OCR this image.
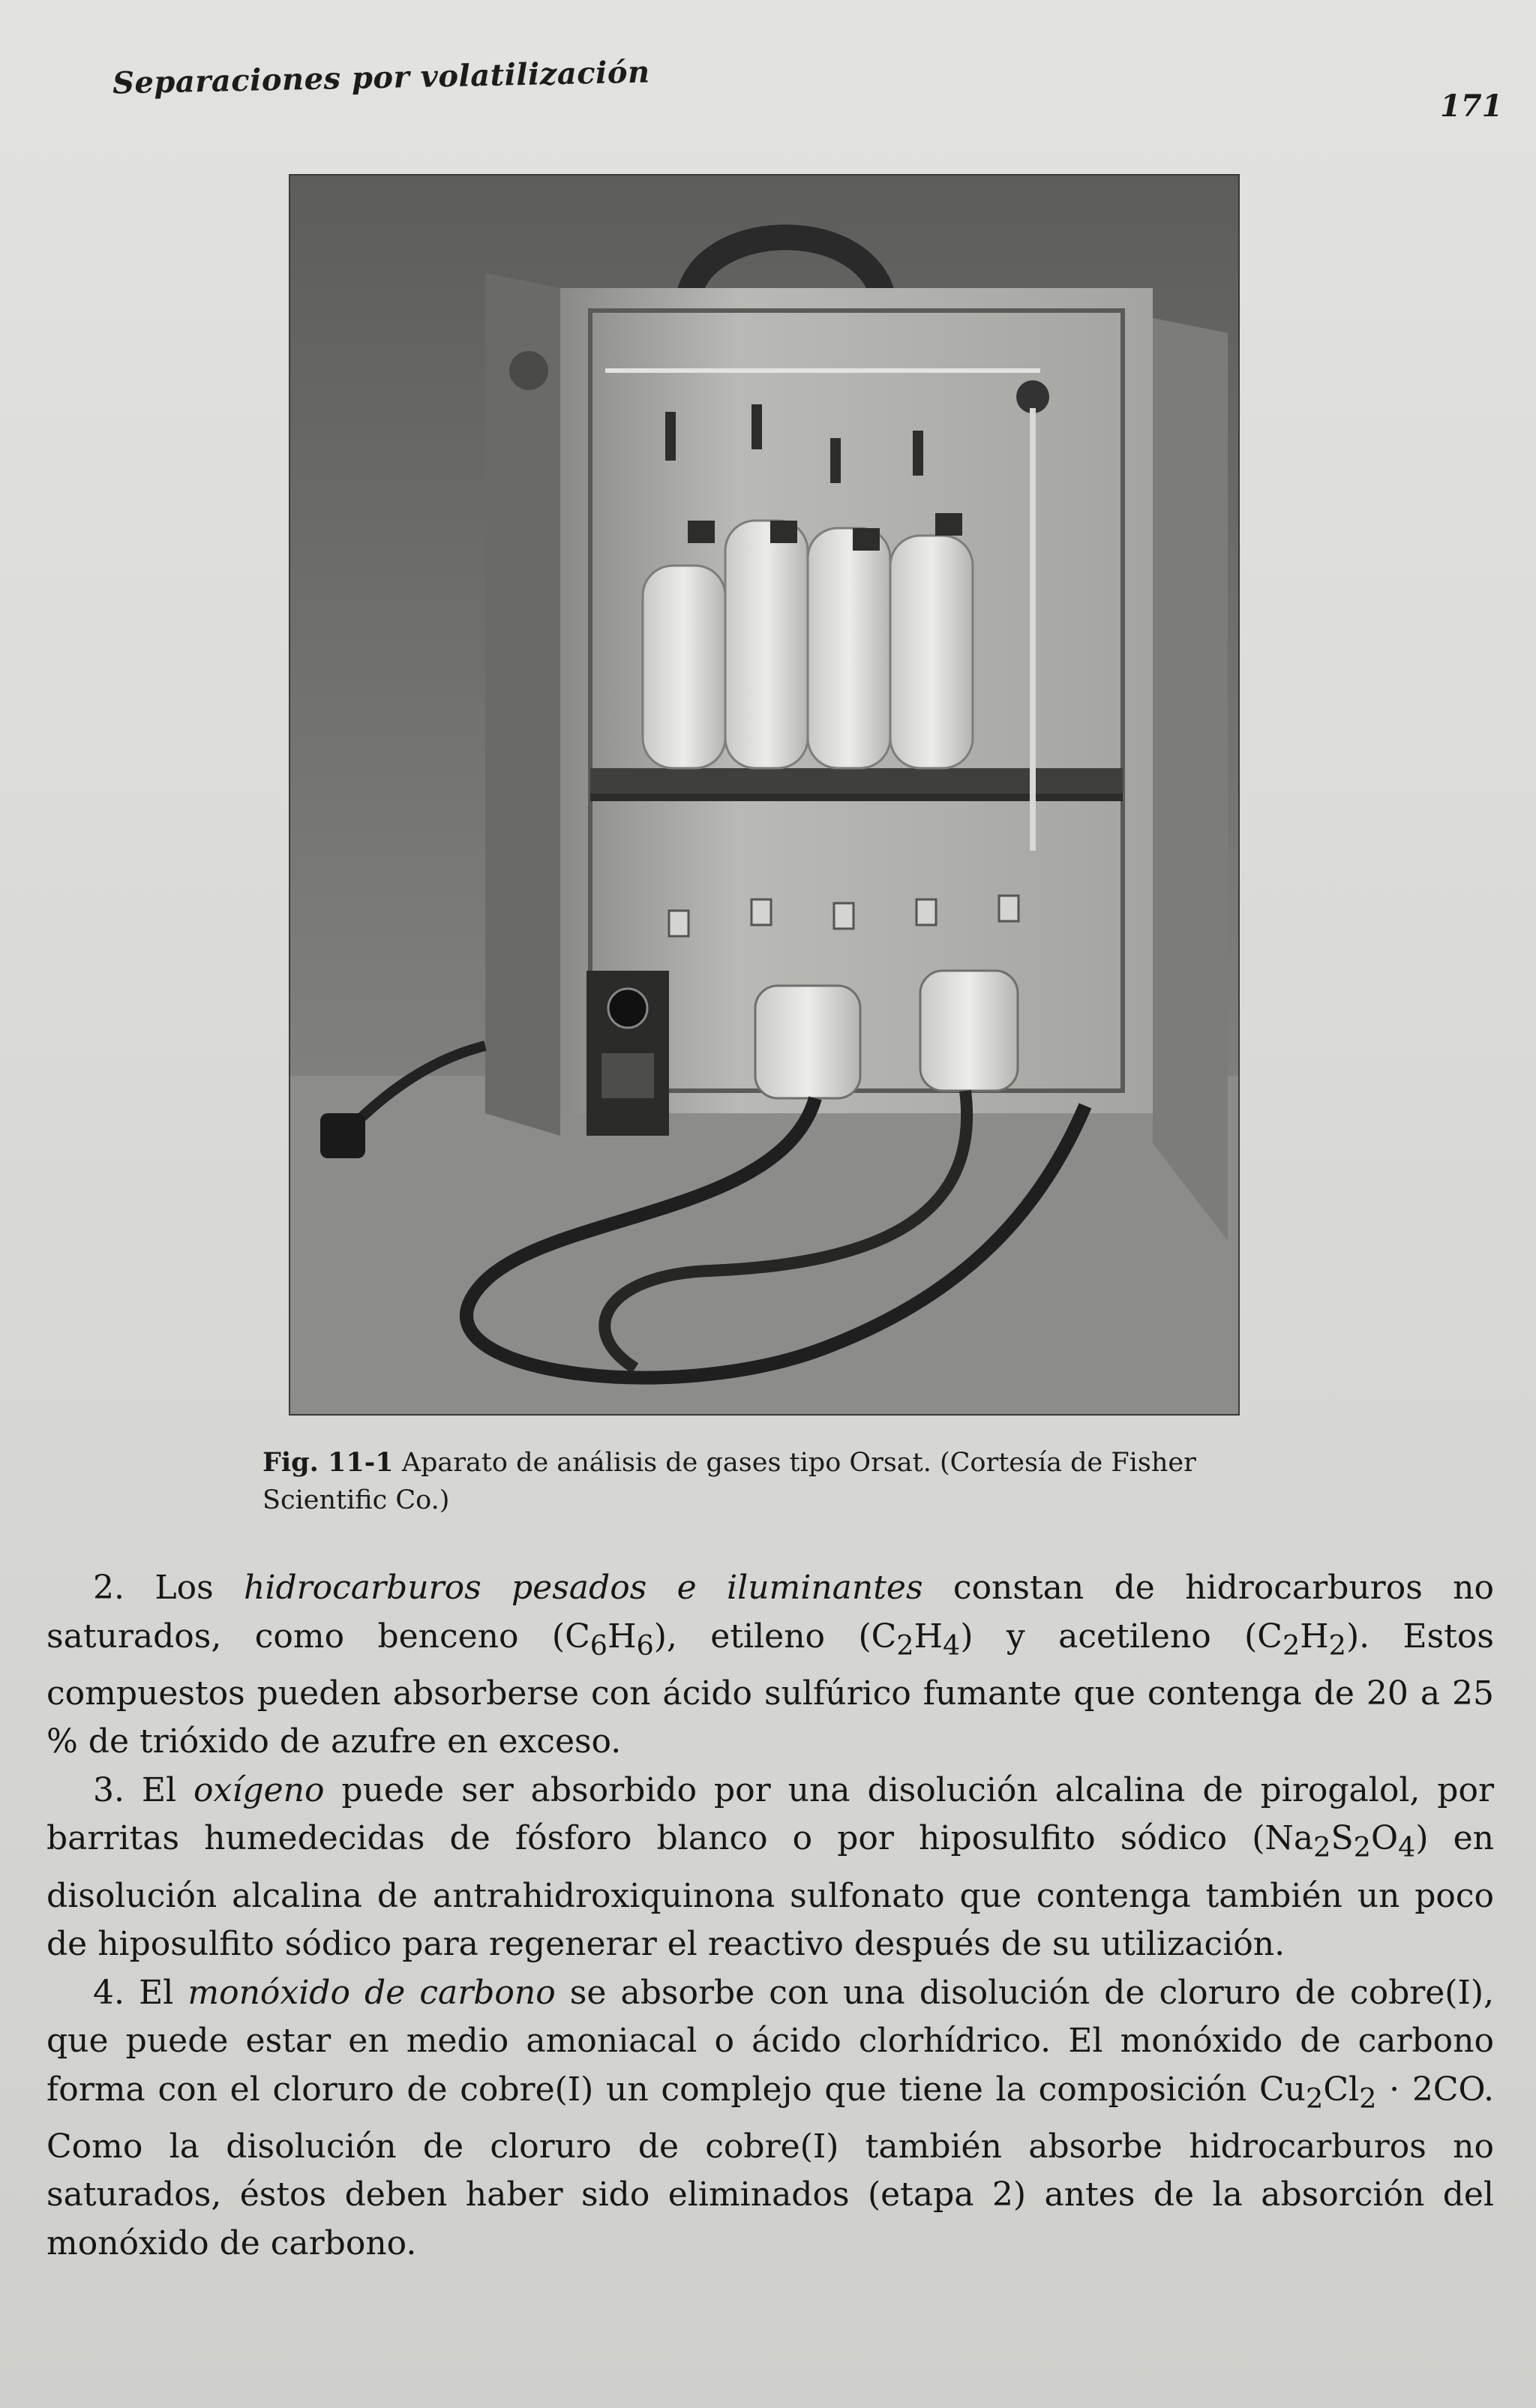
Separaciones por volatilización
171
Fig. 11-1 Aparato de análisis de gases tipo Orsat. (Cortesía de Fisher Scientific Co.)

2. Los hidrocarburos pesados e iluminantes constan de hidrocarburos no saturados, como benceno $(C_6H_6)$, etileno $(C_2H_4)$ y acetileno $(C_2H_2)$. Estos compuestos pueden absorberse con ácido sulfúrico fumante que contenga de 20 a 25 % de trióxido de azufre en exceso.

3. El oxígeno puede ser absorbido por una disolución alcalina de pirogalol, por barritas humedecidas de fósforo blanco o por hiposulfito sódico $(Na_2S_2O_4)$ en disolución alcalina de antrahidroxiquinona sulfonato que contenga también un poco de hiposulfito sódico para regenerar el reactivo después de su utilización.

4. El monóxido de carbono se absorbe con una disolución de cloruro de cobre(I), que puede estar en medio amoniacal o ácido clorhídrico. El monóxido de carbono forma con el cloruro de cobre(I) un complejo que tiene la composición $Cu_2Cl_2 \cdot 2CO$. Como la disolución de cloruro de cobre(I) también absorbe hidrocarburos no saturados, éstos deben haber sido eliminados (etapa 2) antes de la absorción del monóxido de carbono.
